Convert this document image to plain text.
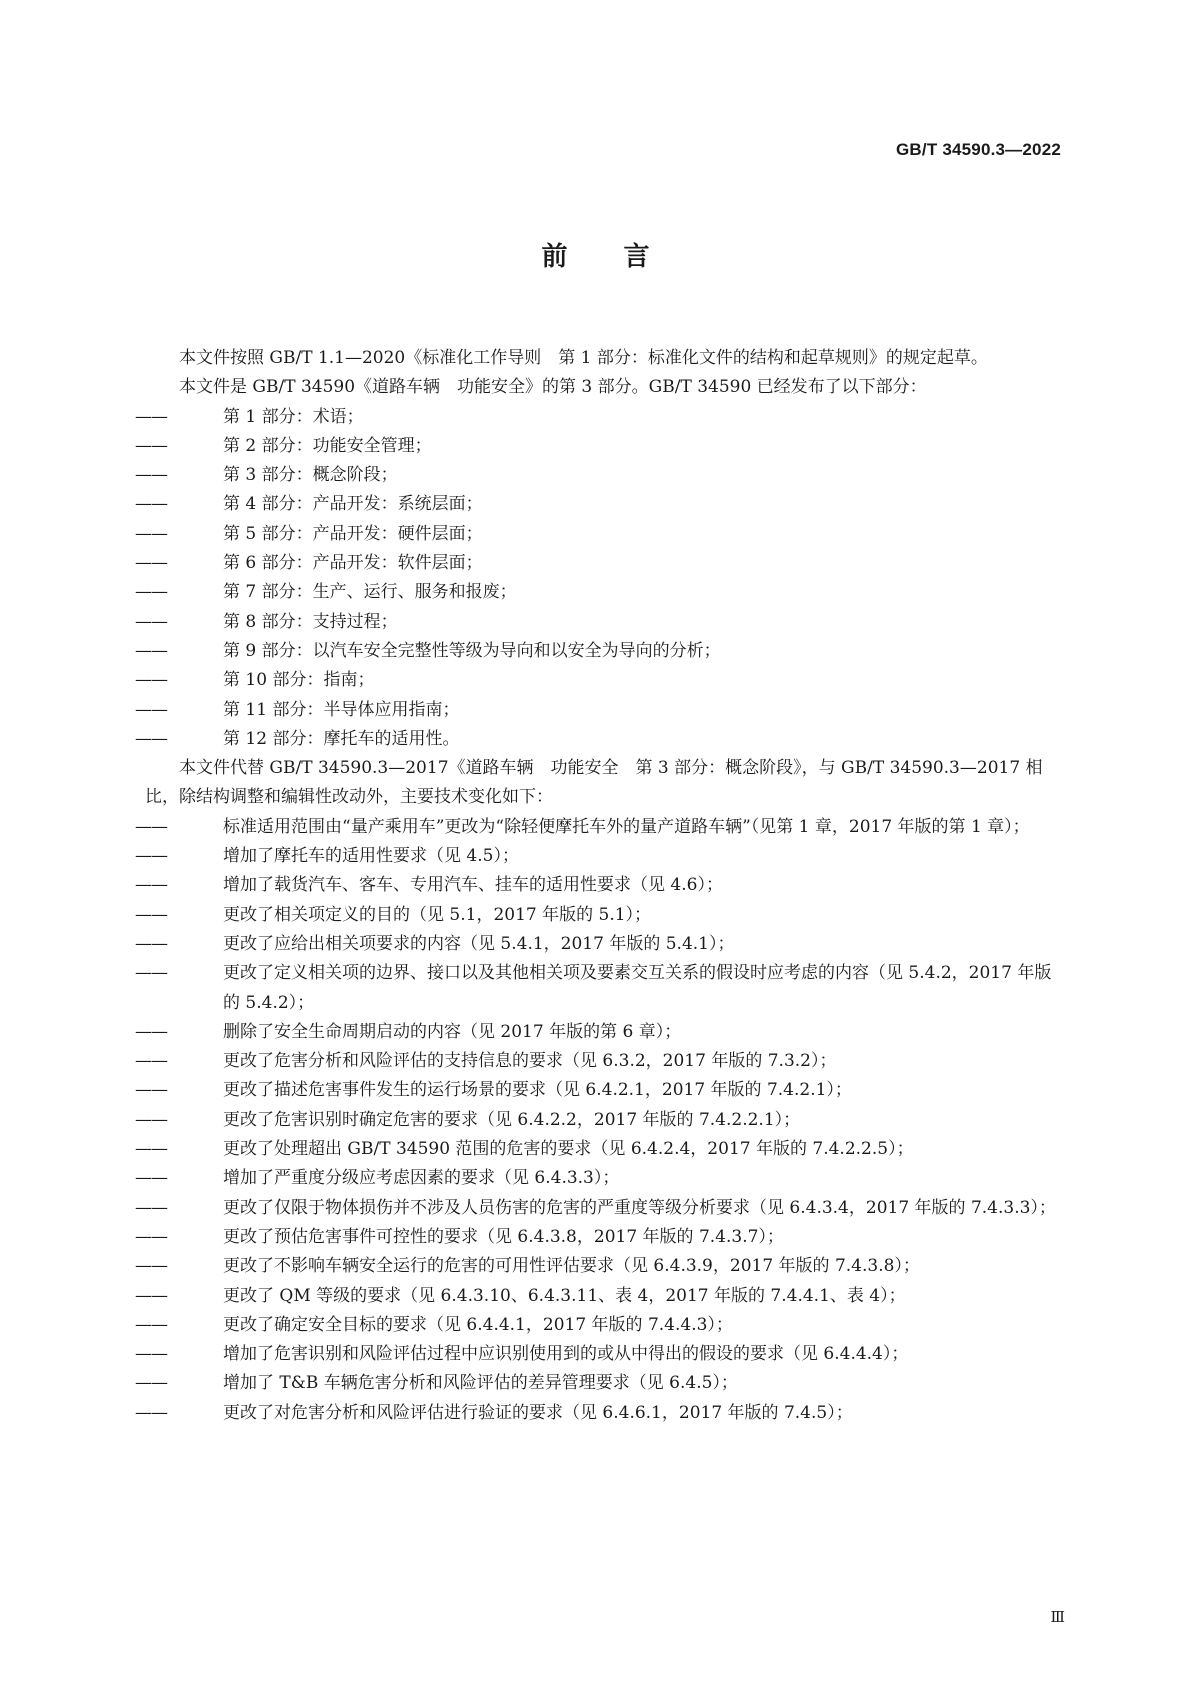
GB/T 34590.3—2022
前言

本文件按照 GB/T 1.1—2020《标准化工作导则　第 1 部分：标准化文件的结构和起草规则》的规定起草。

本文件是 GB/T 34590《道路车辆　功能安全》的第 3 部分。GB/T 34590 已经发布了以下部分：

——	第 1 部分：术语；

——	第 2 部分：功能安全管理；

——	第 3 部分：概念阶段；

——	第 4 部分：产品开发：系统层面；

——	第 5 部分：产品开发：硬件层面；

——	第 6 部分：产品开发：软件层面；

——	第 7 部分：生产、运行、服务和报废；

——	第 8 部分：支持过程；

——	第 9 部分：以汽车安全完整性等级为导向和以安全为导向的分析；

——	第 10 部分：指南；

——	第 11 部分：半导体应用指南；

——	第 12 部分：摩托车的适用性。

本文件代替 GB/T 34590.3—2017《道路车辆　功能安全　第 3 部分：概念阶段》，与 GB/T 34590.3—2017 相比，除结构调整和编辑性改动外，主要技术变化如下：

——	标准适用范围由“量产乘用车”更改为“除轻便摩托车外的量产道路车辆”（见第 1 章，2017 年版的第 1 章）；

——	增加了摩托车的适用性要求（见 4.5）；

——	增加了载货汽车、客车、专用汽车、挂车的适用性要求（见 4.6）；

——	更改了相关项定义的目的（见 5.1，2017 年版的 5.1）；

——	更改了应给出相关项要求的内容（见 5.4.1，2017 年版的 5.4.1）；

——	更改了定义相关项的边界、接口以及其他相关项及要素交互关系的假设时应考虑的内容（见 5.4.2，2017 年版的 5.4.2）；

——	删除了安全生命周期启动的内容（见 2017 年版的第 6 章）；

——	更改了危害分析和风险评估的支持信息的要求（见 6.3.2，2017 年版的 7.3.2）；

——	更改了描述危害事件发生的运行场景的要求（见 6.4.2.1，2017 年版的 7.4.2.1）；

——	更改了危害识别时确定危害的要求（见 6.4.2.2，2017 年版的 7.4.2.2.1）；

——	更改了处理超出 GB/T 34590 范围的危害的要求（见 6.4.2.4，2017 年版的 7.4.2.2.5）；

——	增加了严重度分级应考虑因素的要求（见 6.4.3.3）；

——	更改了仅限于物体损伤并不涉及人员伤害的危害的严重度等级分析要求（见 6.4.3.4，2017 年版的 7.4.3.3）；

——	更改了预估危害事件可控性的要求（见 6.4.3.8，2017 年版的 7.4.3.7）；

——	更改了不影响车辆安全运行的危害的可用性评估要求（见 6.4.3.9，2017 年版的 7.4.3.8）；

——	更改了 QM 等级的要求（见 6.4.3.10、6.4.3.11、表 4，2017 年版的 7.4.4.1、表 4）；

——	更改了确定安全目标的要求（见 6.4.4.1，2017 年版的 7.4.4.3）；

——	增加了危害识别和风险评估过程中应识别使用到的或从中得出的假设的要求（见 6.4.4.4）；

——	增加了 T&B 车辆危害分析和风险评估的差异管理要求（见 6.4.5）；

——	更改了对危害分析和风险评估进行验证的要求（见 6.4.6.1，2017 年版的 7.4.5）；

Ⅲ
